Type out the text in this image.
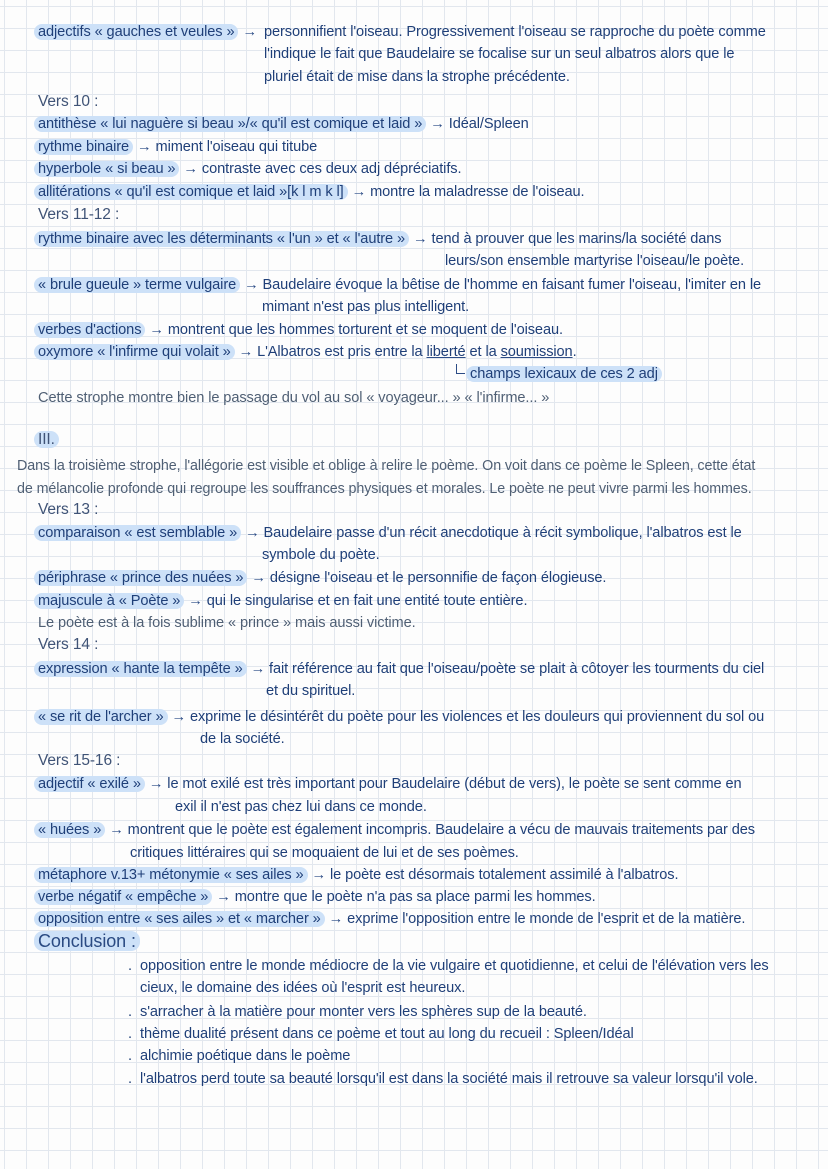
adjectifs « gauches et veules » → personnifient l'oiseau. Progressivement l'oiseau se rapproche du poète comme
l'indique le fait que Baudelaire se focalise sur un seul albatros alors que le
pluriel était de mise dans la strophe précédente.
Vers 10 :
antithèse « lui naguère si beau »/« qu'il est comique et laid » → Idéal/Spleen
rythme binaire → miment l'oiseau qui titube
hyperbole « si beau » → contraste avec ces deux adj dépréciatifs.
allitérations « qu'il est comique et laid »[k l m k l] → montre la maladresse de l'oiseau.
Vers 11-12 :
rythme binaire avec les déterminants « l'un » et « l'autre » → tend à prouver que les marins/la société dans
leurs/son ensemble martyrise l'oiseau/le poète.
« brule gueule » terme vulgaire → Baudelaire évoque la bêtise de l'homme en faisant fumer l'oiseau, l'imiter en le
mimant n'est pas plus intelligent.
verbes d'actions → montrent que les hommes torturent et se moquent de l'oiseau.
oxymore « l'infirme qui volait » → L'Albatros est pris entre la liberté et la soumission.
champs lexicaux de ces 2 adj
Cette strophe montre bien le passage du vol au sol « voyageur... » « l'infirme... »
III.
Dans la troisième strophe, l'allégorie est visible et oblige à relire le poème. On voit dans ce poème le Spleen, cette état
de mélancolie profonde qui regroupe les souffrances physiques et morales. Le poète ne peut vivre parmi les hommes.
Vers 13 :
comparaison « est semblable » → Baudelaire passe d'un récit anecdotique à récit symbolique, l'albatros est le
symbole du poète.
périphrase « prince des nuées » → désigne l'oiseau et le personnifie de façon élogieuse.
majuscule à « Poète » → qui le singularise et en fait une entité toute entière.
Le poète est à la fois sublime « prince » mais aussi victime.
Vers 14 :
expression « hante la tempête » → fait référence au fait que l'oiseau/poète se plait à côtoyer les tourments du ciel
et du spirituel.
« se rit de l'archer » → exprime le désintérêt du poète pour les violences et les douleurs qui proviennent du sol ou
de la société.
Vers 15-16 :
adjectif « exilé » → le mot exilé est très important pour Baudelaire (début de vers), le poète se sent comme en
exil il n'est pas chez lui dans ce monde.
« huées » → montrent que le poète est également incompris. Baudelaire a vécu de mauvais traitements par des
critiques littéraires qui se moquaient de lui et de ses poèmes.
métaphore v.13+ métonymie « ses ailes » → le poète est désormais totalement assimilé à l'albatros.
verbe négatif « empêche » → montre que le poète n'a pas sa place parmi les hommes.
opposition entre « ses ailes » et « marcher » → exprime l'opposition entre le monde de l'esprit et de la matière.
Conclusion :
. opposition entre le monde médiocre de la vie vulgaire et quotidienne, et celui de l'élévation vers les
cieux, le domaine des idées où l'esprit est heureux.
. s'arracher à la matière pour monter vers les sphères sup de la beauté.
. thème dualité présent dans ce poème et tout au long du recueil : Spleen/Idéal
. alchimie poétique dans le poème
. l'albatros perd toute sa beauté lorsqu'il est dans la société mais il retrouve sa valeur lorsqu'il vole.
